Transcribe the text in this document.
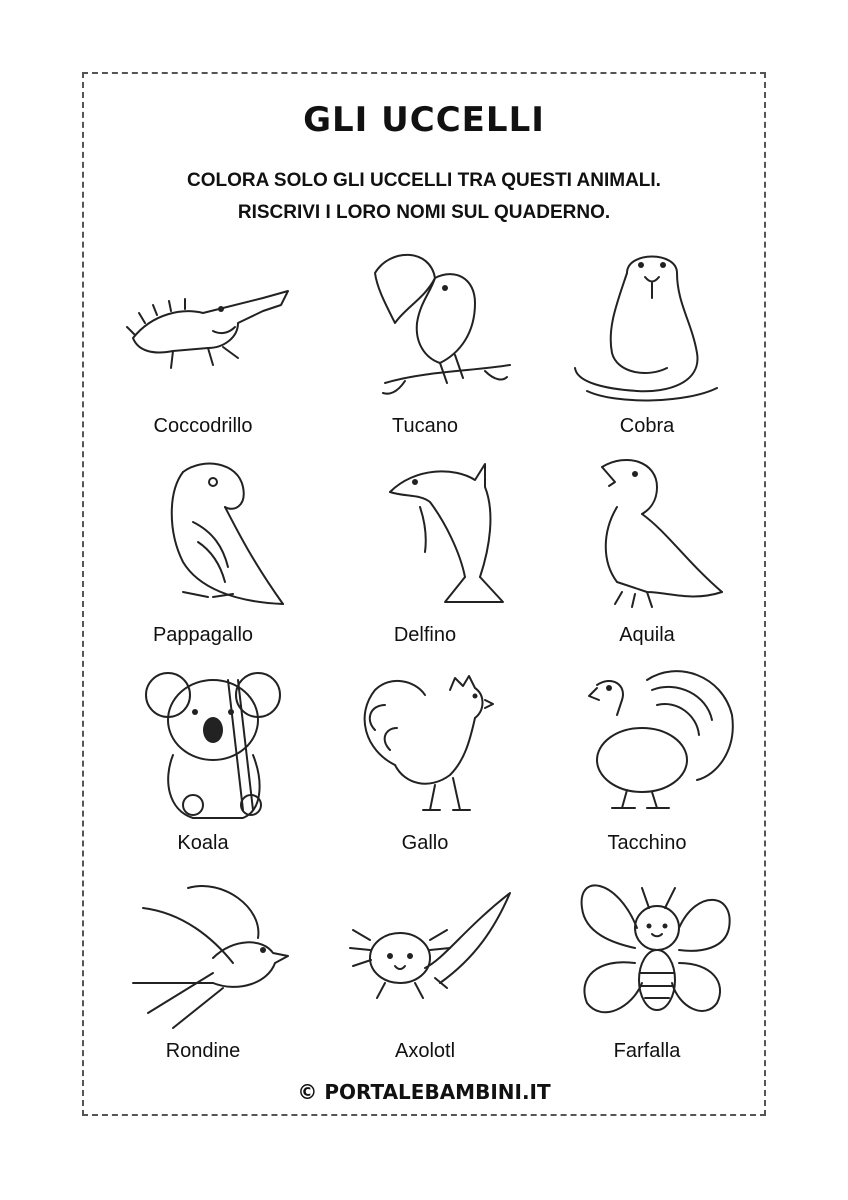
GLI UCCELLI
COLORA SOLO GLI UCCELLI TRA QUESTI ANIMALI.
RISCRIVI I LORO NOMI SUL QUADERNO.
Coccodrillo	Tucano	Cobra
Pappagallo	Delfino	Aquila
Koala	Gallo	Tacchino
Rondine	Axolotl	Farfalla
© PORTALEBAMBINI.IT
